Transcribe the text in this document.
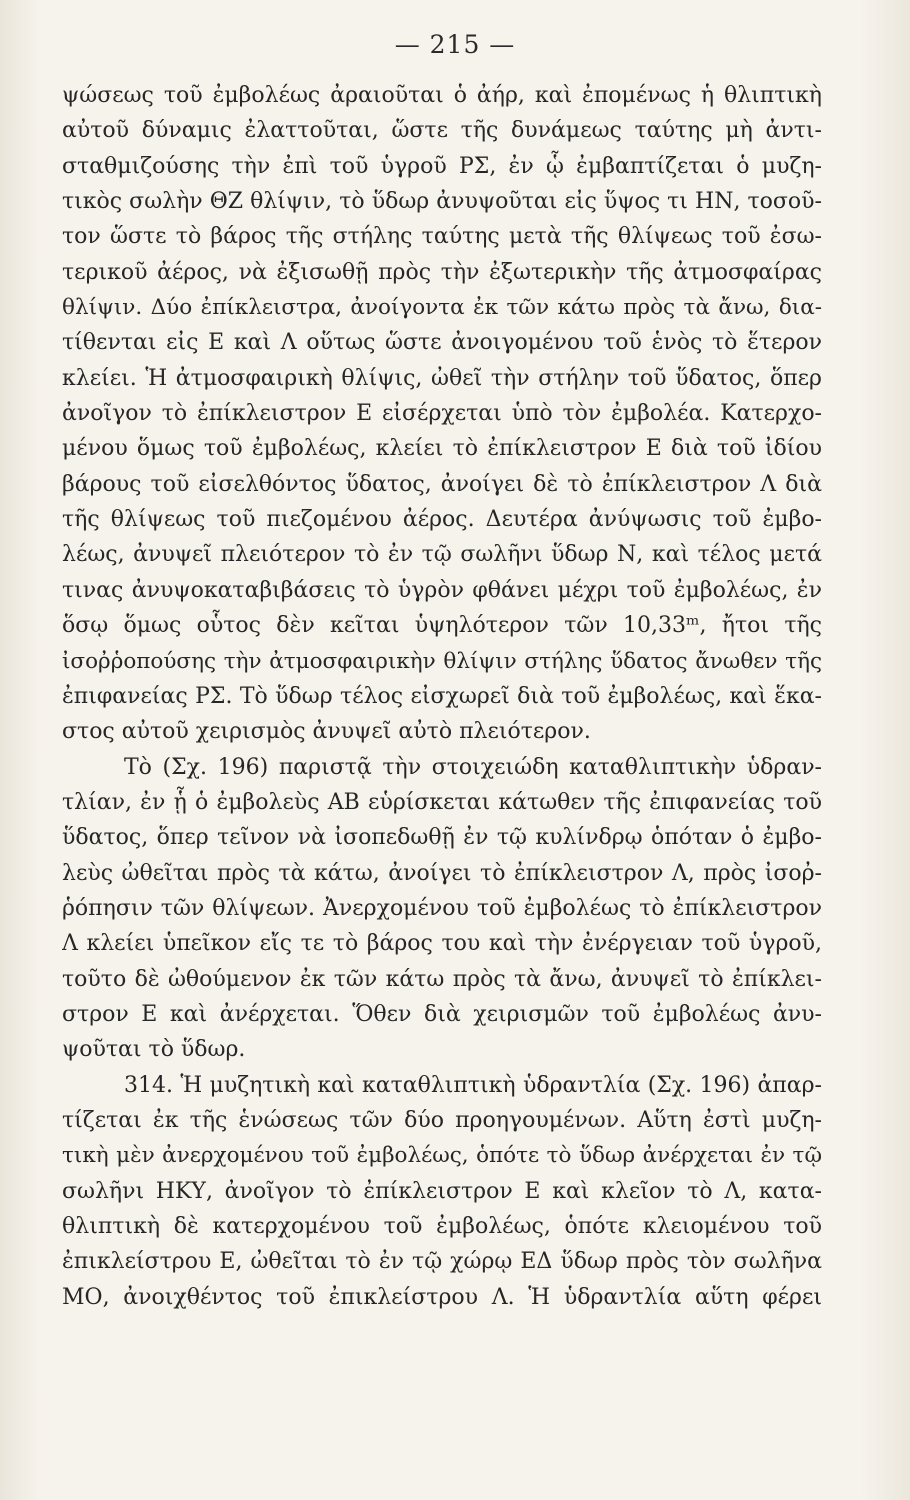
— 215 —
ψώσεως τοῦ ἐμβολέως ἀραιοῦται ὁ ἀήρ, καὶ ἐπομένως ἡ θλιπτικὴ
αὐτοῦ δύναμις ἐλαττοῦται, ὥστε τῆς δυνάμεως ταύτης μὴ ἀντι-
σταθμιζούσης τὴν ἐπὶ τοῦ ὑγροῦ ΡΣ, ἐν ᾧ ἐμβαπτίζεται ὁ μυζη-
τικὸς σωλὴν ΘΖ θλίψιν, τὸ ὕδωρ ἀνυψοῦται εἰς ὕψος τι ΗΝ, τοσοῦ-
τον ὥστε τὸ βάρος τῆς στήλης ταύτης μετὰ τῆς θλίψεως τοῦ ἐσω-
τερικοῦ ἀέρος, νὰ ἐξισωθῇ πρὸς τὴν ἐξωτερικὴν τῆς ἀτμοσφαίρας
θλίψιν. Δύο ἐπίκλειστρα, ἀνοίγοντα ἐκ τῶν κάτω πρὸς τὰ ἄνω, δια-
τίθενται εἰς Ε καὶ Λ οὕτως ὥστε ἀνοιγομένου τοῦ ἑνὸς τὸ ἕτερον
κλείει. Ἡ ἀτμοσφαιρικὴ θλίψις, ὠθεῖ τὴν στήλην τοῦ ὕδατος, ὅπερ
ἀνοῖγον τὸ ἐπίκλειστρον Ε εἰσέρχεται ὑπὸ τὸν ἐμβολέα. Κατερχο-
μένου ὅμως τοῦ ἐμβολέως, κλείει τὸ ἐπίκλειστρον Ε διὰ τοῦ ἰδίου
βάρους τοῦ εἰσελθόντος ὕδατος, ἀνοίγει δὲ τὸ ἐπίκλειστρον Λ διὰ
τῆς θλίψεως τοῦ πιεζομένου ἀέρος. Δευτέρα ἀνύψωσις τοῦ ἐμβο-
λέως, ἀνυψεῖ πλειότερον τὸ ἐν τῷ σωλῆνι ὕδωρ Ν, καὶ τέλος μετά
τινας ἀνυψοκαταβιβάσεις τὸ ὑγρὸν φθάνει μέχρι τοῦ ἐμβολέως, ἐν
ὅσῳ ὅμως οὗτος δὲν κεῖται ὑψηλότερον τῶν 10,33ᵐ, ἤτοι τῆς
ἰσοῤῥοπούσης τὴν ἀτμοσφαιρικὴν θλίψιν στήλης ὕδατος ἄνωθεν τῆς
ἐπιφανείας ΡΣ. Τὸ ὕδωρ τέλος εἰσχωρεῖ διὰ τοῦ ἐμβολέως, καὶ ἕκα-
στος αὐτοῦ χειρισμὸς ἀνυψεῖ αὐτὸ πλειότερον.
Τὸ (Σχ. 196) παριστᾷ τὴν στοιχειώδη καταθλιπτικὴν ὑδραν-
τλίαν, ἐν ᾗ ὁ ἐμβολεὺς ΑΒ εὑρίσκεται κάτωθεν τῆς ἐπιφανείας τοῦ
ὕδατος, ὅπερ τεῖνον νὰ ἰσοπεδωθῇ ἐν τῷ κυλίνδρῳ ὁπόταν ὁ ἐμβο-
λεὺς ὠθεῖται πρὸς τὰ κάτω, ἀνοίγει τὸ ἐπίκλειστρον Λ, πρὸς ἰσοῤ-
ῥόπησιν τῶν θλίψεων. Ἀνερχομένου τοῦ ἐμβολέως τὸ ἐπίκλειστρον
Λ κλείει ὑπεῖκον εἴς τε τὸ βάρος του καὶ τὴν ἐνέργειαν τοῦ ὑγροῦ,
τοῦτο δὲ ὠθούμενον ἐκ τῶν κάτω πρὸς τὰ ἄνω, ἀνυψεῖ τὸ ἐπίκλει-
στρον Ε καὶ ἀνέρχεται. Ὅθεν διὰ χειρισμῶν τοῦ ἐμβολέως ἀνυ-
ψοῦται τὸ ὕδωρ.
314. Ἡ μυζητικὴ καὶ καταθλιπτικὴ ὑδραντλία (Σχ. 196) ἀπαρ-
τίζεται ἐκ τῆς ἑνώσεως τῶν δύο προηγουμένων. Αὕτη ἐστὶ μυζη-
τικὴ μὲν ἀνερχομένου τοῦ ἐμβολέως, ὁπότε τὸ ὕδωρ ἀνέρχεται ἐν τῷ
σωλῆνι ΗΚΥ, ἀνοῖγον τὸ ἐπίκλειστρον Ε καὶ κλεῖον τὸ Λ, κατα-
θλιπτικὴ δὲ κατερχομένου τοῦ ἐμβολέως, ὁπότε κλειομένου τοῦ
ἐπικλείστρου Ε, ὠθεῖται τὸ ἐν τῷ χώρῳ ΕΔ ὕδωρ πρὸς τὸν σωλῆνα
ΜΟ, ἀνοιχθέντος τοῦ ἐπικλείστρου Λ. Ἡ ὑδραντλία αὕτη φέρει
